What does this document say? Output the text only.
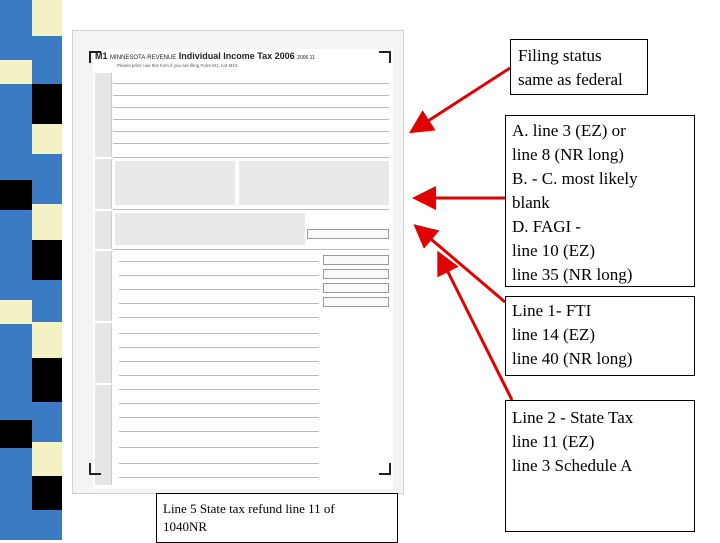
M1 MINNESOTA·REVENUE Individual Income Tax 2006 2006 11
Please print; use this form if you are filing Form M1, not M1X.
Filing status
same as federal
A. line 3 (EZ) or
line 8 (NR long)
B. - C. most likely
blank
D. FAGI -
line 10 (EZ)
line 35 (NR long)
Line 1- FTI
line 14 (EZ)
line 40 (NR long)
Line 2 - State Tax
line 11 (EZ)
line 3 Schedule A
Line 5 State tax refund line 11 of
1040NR
